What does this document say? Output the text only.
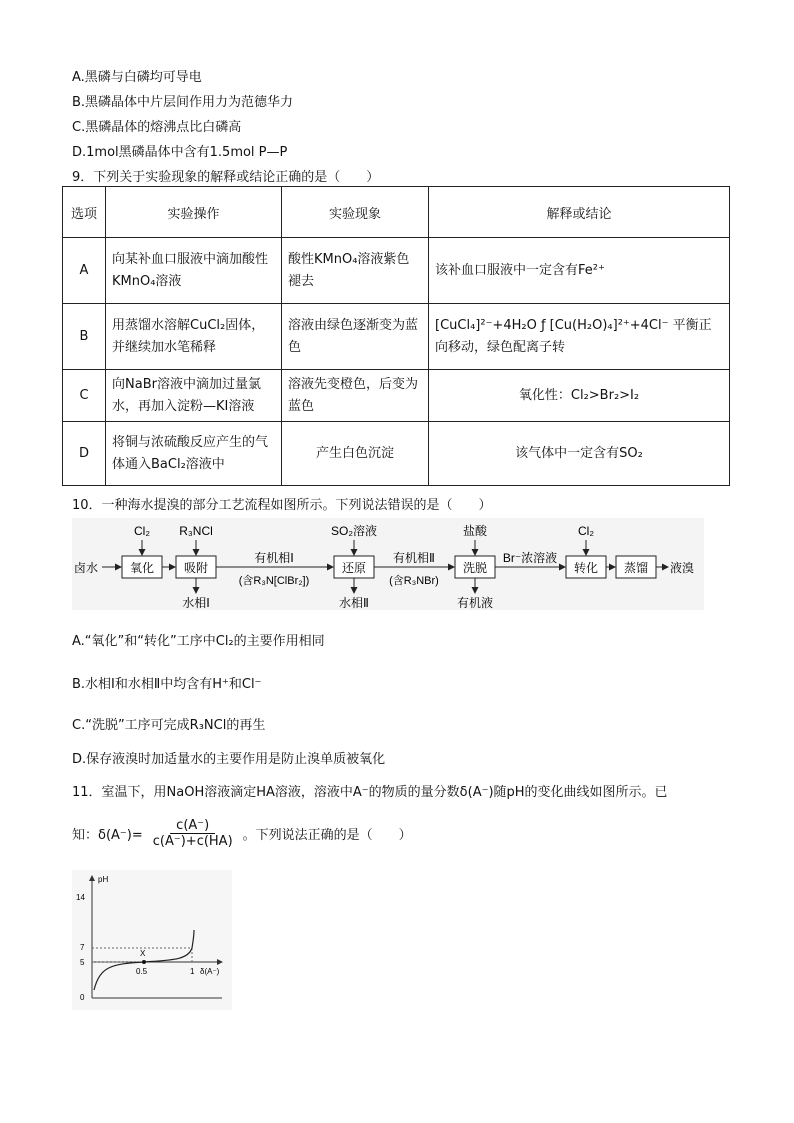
A.黑磷与白磷均可导电
B.黑磷晶体中片层间作用力为范德华力
C.黑磷晶体的熔沸点比白磷高
D.1mol黑磷晶体中含有1.5mol P—P
9．下列关于实验现象的解释或结论正确的是（　　）
选项	实验操作	实验现象	解释或结论
A	向某补血口服液中滴加酸性KMnO₄溶液	酸性KMnO₄溶液紫色褪去	该补血口服液中一定含有Fe²⁺
B	用蒸馏水溶解CuCl₂固体，并继续加水笔稀释	溶液由绿色逐渐变为蓝色	[CuCl₄]²⁻+4H₂O ƒ [Cu(H₂O)₄]²⁺+4Cl⁻ 平衡正向移动，绿色配离子转
C	向NaBr溶液中滴加过量氯水，再加入淀粉—KI溶液	溶液先变橙色，后变为蓝色	氧化性：Cl₂>Br₂>I₂
D	将铜与浓硫酸反应产生的气体通入BaCl₂溶液中	产生白色沉淀	该气体中一定含有SO₂
10．一种海水提溴的部分工艺流程如图所示。下列说法错误的是（　　）
卤水	液溴
氧化 吸附	还原	洗脱	转化 蒸馏
Cl₂ R₃NCl	SO₂溶液	盐酸	Cl₂
水相Ⅰ	水相Ⅱ	有机液
有机相Ⅰ
(含R₃N[ClBr₂])
有机相Ⅱ
(含R₃NBr)
Br⁻浓溶液
A.“氧化”和“转化”工序中Cl₂的主要作用相同
B.水相Ⅰ和水相Ⅱ中均含有H⁺和Cl⁻
C.“洗脱”工序可完成R₃NCl的再生
D.保存液溴时加适量水的主要作用是防止溴单质被氧化
11．室温下，用NaOH溶液滴定HA溶液，溶液中A⁻的物质的量分数δ(A⁻)随pH的变化曲线如图所示。已
知：$\delta(A^-)= \frac{c(A^-)}{c(A^-)+c(HA)}$ 。下列说法正确的是（　　）
pH
14
7
5
0
0.5	1
X
δ(A⁻)
